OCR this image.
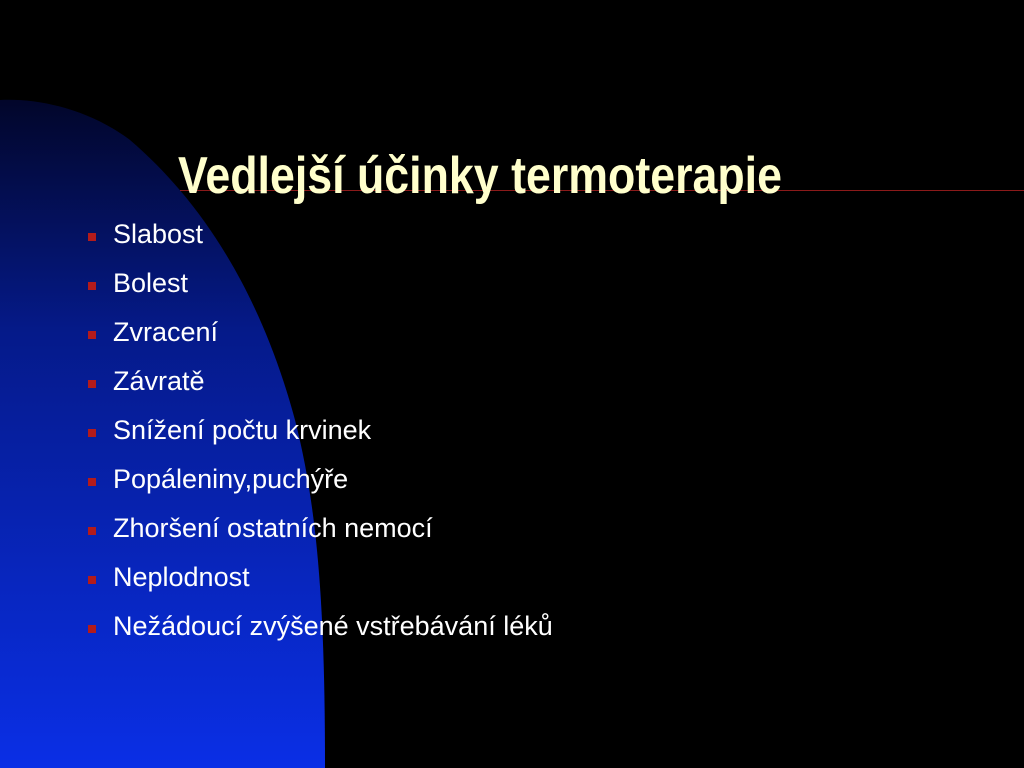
Vedlejší účinky termoterapie
Slabost
Bolest
Zvracení
Závratě
Snížení počtu krvinek
Popáleniny,puchýře
Zhoršení ostatních nemocí
Neplodnost
Nežádoucí zvýšené vstřebávání léků
